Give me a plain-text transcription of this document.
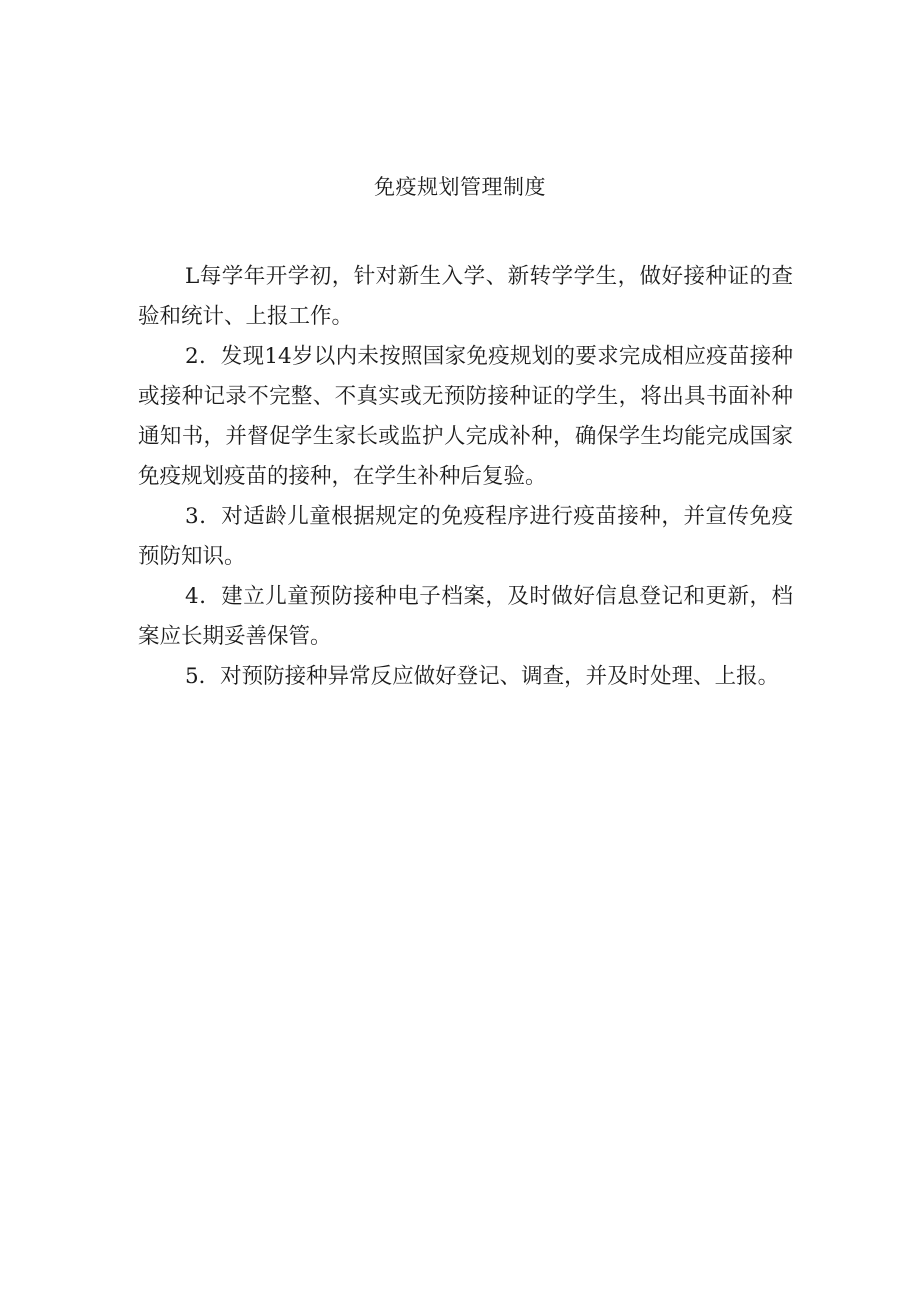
免疫规划管理制度

L每学年开学初，针对新生入学、新转学学生，做好接种证的查验和统计、上报工作。

2．发现14岁以内未按照国家免疫规划的要求完成相应疫苗接种或接种记录不完整、不真实或无预防接种证的学生，将出具书面补种通知书，并督促学生家长或监护人完成补种，确保学生均能完成国家免疫规划疫苗的接种，在学生补种后复验。

3．对适龄儿童根据规定的免疫程序进行疫苗接种，并宣传免疫预防知识。

4．建立儿童预防接种电子档案，及时做好信息登记和更新，档案应长期妥善保管。

5．对预防接种异常反应做好登记、调查，并及时处理、上报。
